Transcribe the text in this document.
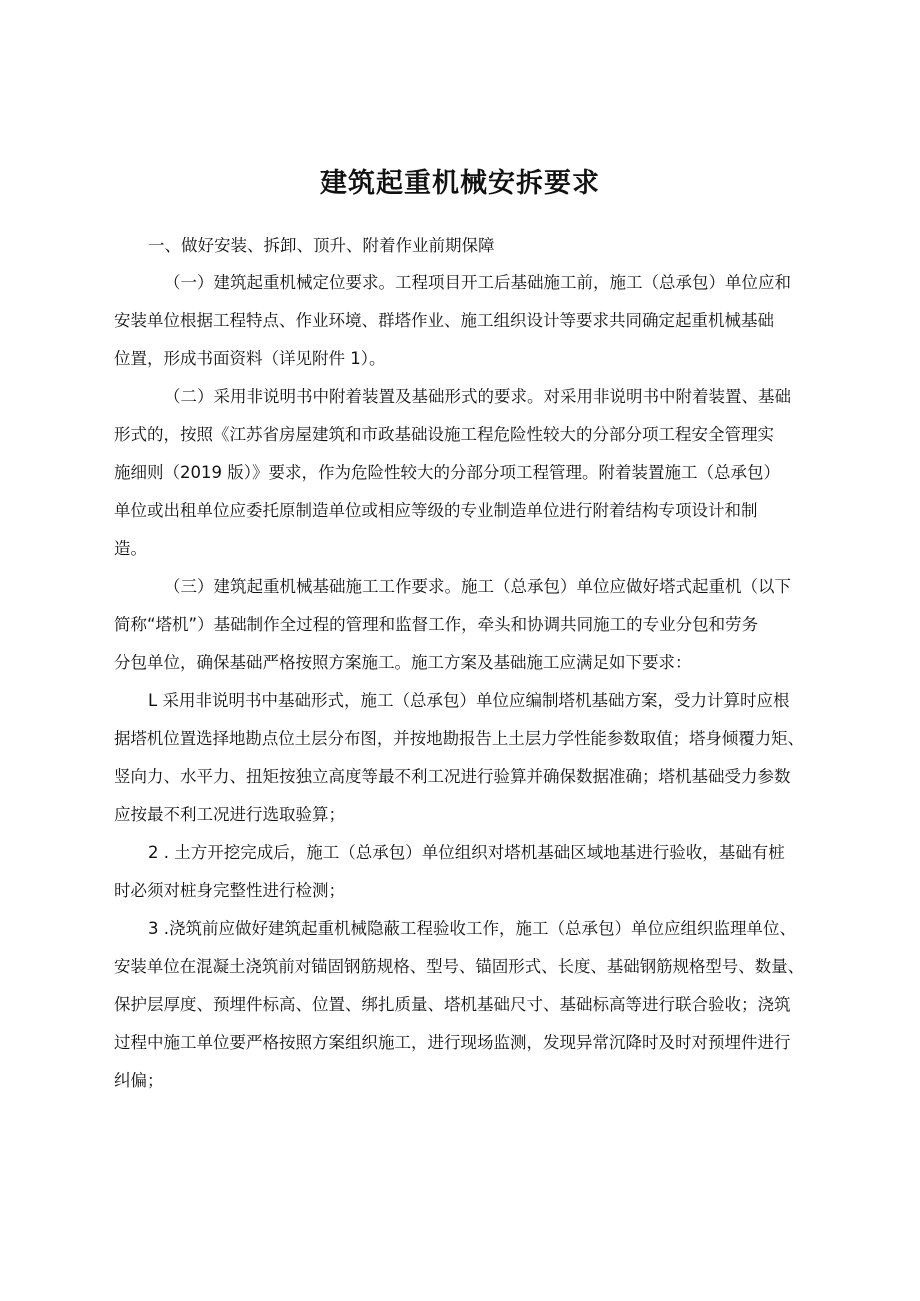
建筑起重机械安拆要求
一、做好安装、拆卸、顶升、附着作业前期保障
（一）建筑起重机械定位要求。工程项目开工后基础施工前，施工（总承包）单位应和
安装单位根据工程特点、作业环境、群塔作业、施工组织设计等要求共同确定起重机械基础
位置，形成书面资料（详见附件 1）。
（二）采用非说明书中附着装置及基础形式的要求。对采用非说明书中附着装置、基础
形式的，按照《江苏省房屋建筑和市政基础设施工程危险性较大的分部分项工程安全管理实
施细则（2019 版）》要求，作为危险性较大的分部分项工程管理。附着装置施工（总承包）
单位或出租单位应委托原制造单位或相应等级的专业制造单位进行附着结构专项设计和制
造。
（三）建筑起重机械基础施工工作要求。施工（总承包）单位应做好塔式起重机（以下
简称“塔机”）基础制作全过程的管理和监督工作，牵头和协调共同施工的专业分包和劳务
分包单位，确保基础严格按照方案施工。施工方案及基础施工应满足如下要求：
L 采用非说明书中基础形式，施工（总承包）单位应编制塔机基础方案，受力计算时应根
据塔机位置选择地勘点位土层分布图，并按地勘报告上土层力学性能参数取值；塔身倾覆力矩、
竖向力、水平力、扭矩按独立高度等最不利工况进行验算并确保数据准确；塔机基础受力参数
应按最不利工况进行选取验算；
2 . 土方开挖完成后，施工（总承包）单位组织对塔机基础区域地基进行验收，基础有桩
时必须对桩身完整性进行检测；
3 .浇筑前应做好建筑起重机械隐蔽工程验收工作，施工（总承包）单位应组织监理单位、
安装单位在混凝土浇筑前对锚固钢筋规格、型号、锚固形式、长度、基础钢筋规格型号、数量、
保护层厚度、预埋件标高、位置、绑扎质量、塔机基础尺寸、基础标高等进行联合验收；浇筑
过程中施工单位要严格按照方案组织施工，进行现场监测，发现异常沉降时及时对预埋件进行
纠偏；
